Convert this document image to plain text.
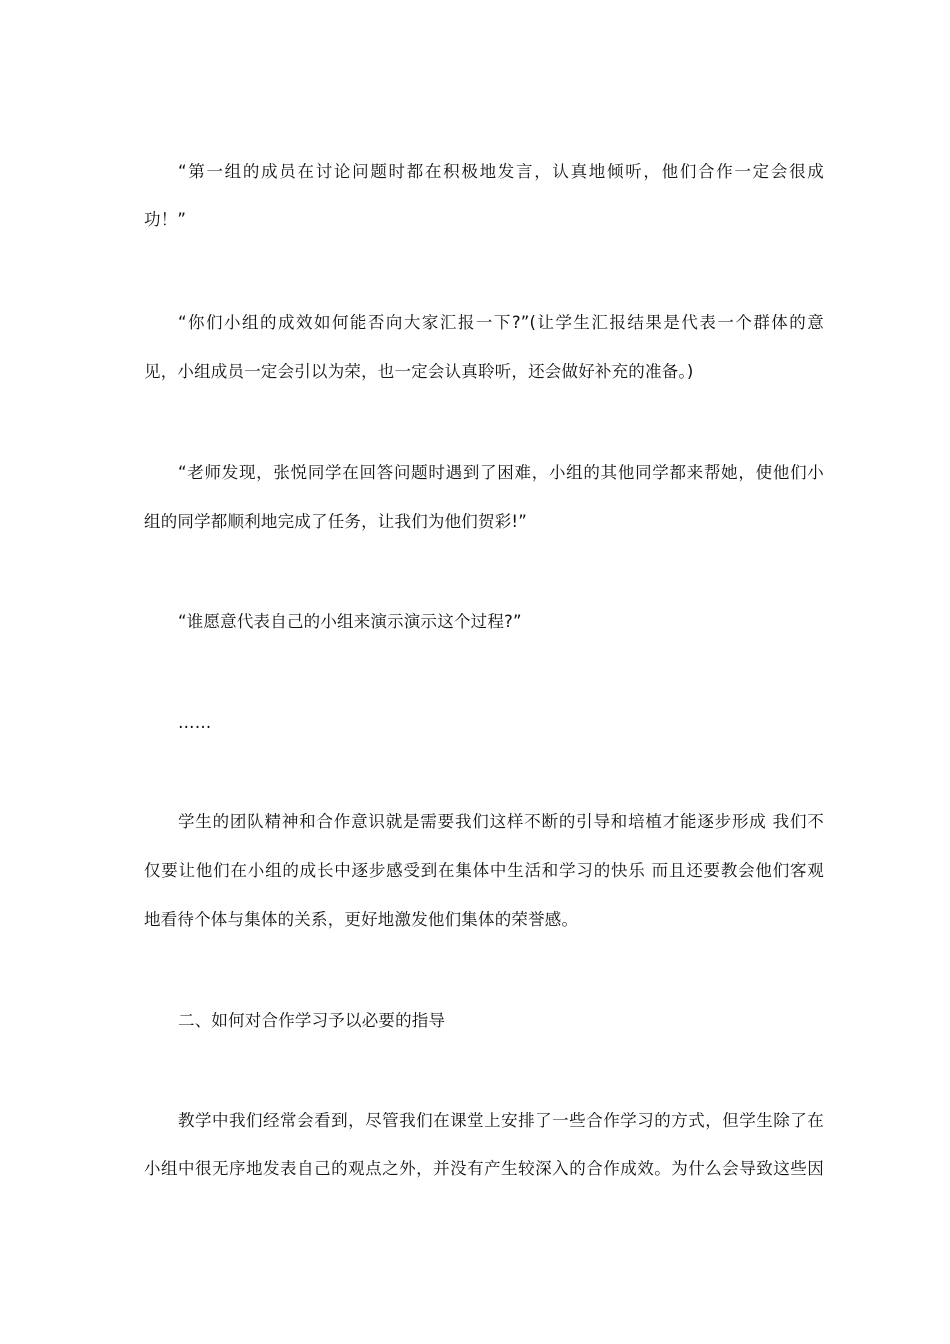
“第一组的成员在讨论问题时都在积极地发言，认真地倾听，他们合作一定会很成
功！”
“你们小组的成效如何能否向大家汇报一下?”(让学生汇报结果是代表一个群体的意
见，小组成员一定会引以为荣，也一定会认真聆听，还会做好补充的准备。)
“老师发现，张悦同学在回答问题时遇到了困难，小组的其他同学都来帮她，使他们小
组的同学都顺利地完成了任务，让我们为他们贺彩!”
“谁愿意代表自己的小组来演示演示这个过程?”
……
学生的团队精神和合作意识就是需要我们这样不断的引导和培植才能逐步形成 我们不
仅要让他们在小组的成长中逐步感受到在集体中生活和学习的快乐 而且还要教会他们客观
地看待个体与集体的关系，更好地激发他们集体的荣誉感。
二、如何对合作学习予以必要的指导
教学中我们经常会看到，尽管我们在课堂上安排了一些合作学习的方式，但学生除了在
小组中很无序地发表自己的观点之外，并没有产生较深入的合作成效。为什么会导致这些因
